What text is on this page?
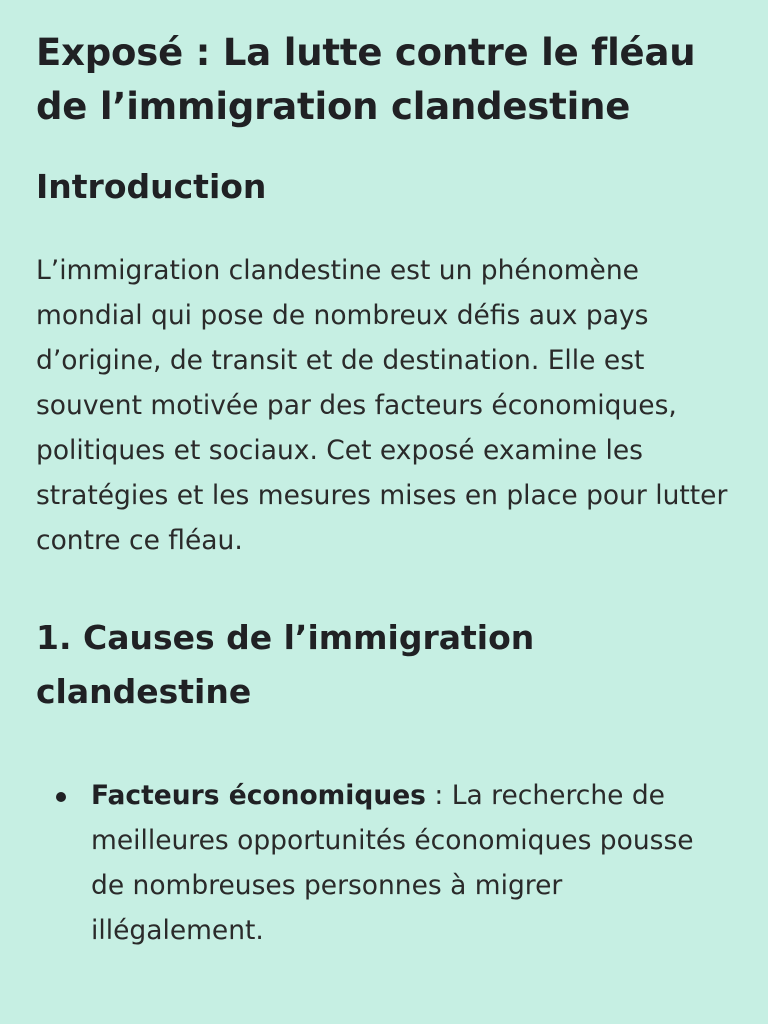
Exposé : La lutte contre le fléau de l’immigration clandestine
Introduction

L’immigration clandestine est un phénomène mondial qui pose de nombreux défis aux pays d’origine, de transit et de destination. Elle est souvent motivée par des facteurs économiques, politiques et sociaux. Cet exposé examine les stratégies et les mesures mises en place pour lutter contre ce fléau.

1. Causes de l’immigration clandestine
Facteurs économiques : La recherche de meilleures opportunités économiques pousse de nombreuses personnes à migrer illégalement.
